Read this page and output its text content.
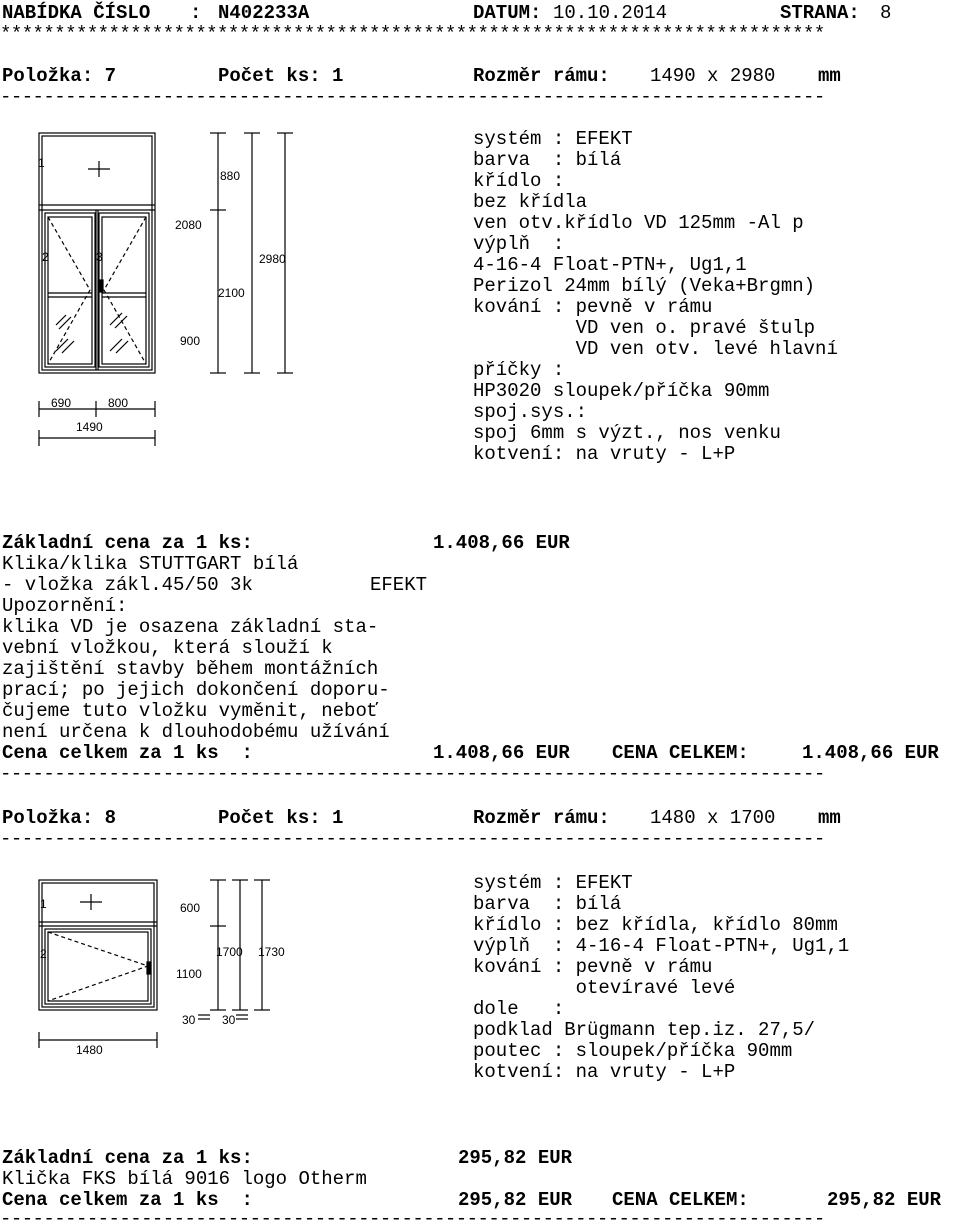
NABÍDKA ČÍSLO : N402233A	DATUM: 10.10.2014	STRANA: 8
****************************************************************************
Položka: 7	Počet ks: 1	Rozměr rámu: 1490 x 2980 mm
----------------------------------------------------------------------------
1
2	3
880
2080
900
2100
2980
690	800
1490
systém : EFEKT
barva  : bílá
křídlo :
bez křídla
ven otv.křídlo VD 125mm -Al p
výplň  :
4-16-4 Float-PTN+, Ug1,1
Perizol 24mm bílý (Veka+Brgmn)
kování : pevně v rámu
VD ven o. pravé štulp
VD ven otv. levé hlavní
příčky :
HP3020 sloupek/příčka 90mm
spoj.sys.:
spoj 6mm s výzt., nos venku
kotvení: na vruty - L+P
Základní cena za 1 ks:	1.408,66 EUR
Klika/klika STUTTGART bílá
- vložka zákl.45/50 3k	EFEKT
Upozornění:
klika VD je osazena základní sta-
vební vložkou, která slouží k
zajištění stavby během montážních
prací; po jejich dokončení doporu-
čujeme tuto vložku vyměnit, neboť
není určena k dlouhodobému užívání
Cena celkem za 1 ks  :	1.408,66 EUR CENA CELKEM:	1.408,66 EUR
----------------------------------------------------------------------------
Položka: 8	Počet ks: 1	Rozměr rámu: 1480 x 1700 mm
----------------------------------------------------------------------------
1
2
600
1100
1700 1730
30 30
1480
systém : EFEKT
barva  : bílá
křídlo : bez křídla, křídlo 80mm
výplň  : 4-16-4 Float-PTN+, Ug1,1
kování : pevně v rámu
otevíravé levé
dole   :
podklad Brügmann tep.iz. 27,5/
poutec : sloupek/příčka 90mm
kotvení: na vruty - L+P
Základní cena za 1 ks:	295,82 EUR
Klička FKS bílá 9016 logo Otherm
Cena celkem za 1 ks  :	295,82 EUR CENA CELKEM:	295,82 EUR
----------------------------------------------------------------------------
